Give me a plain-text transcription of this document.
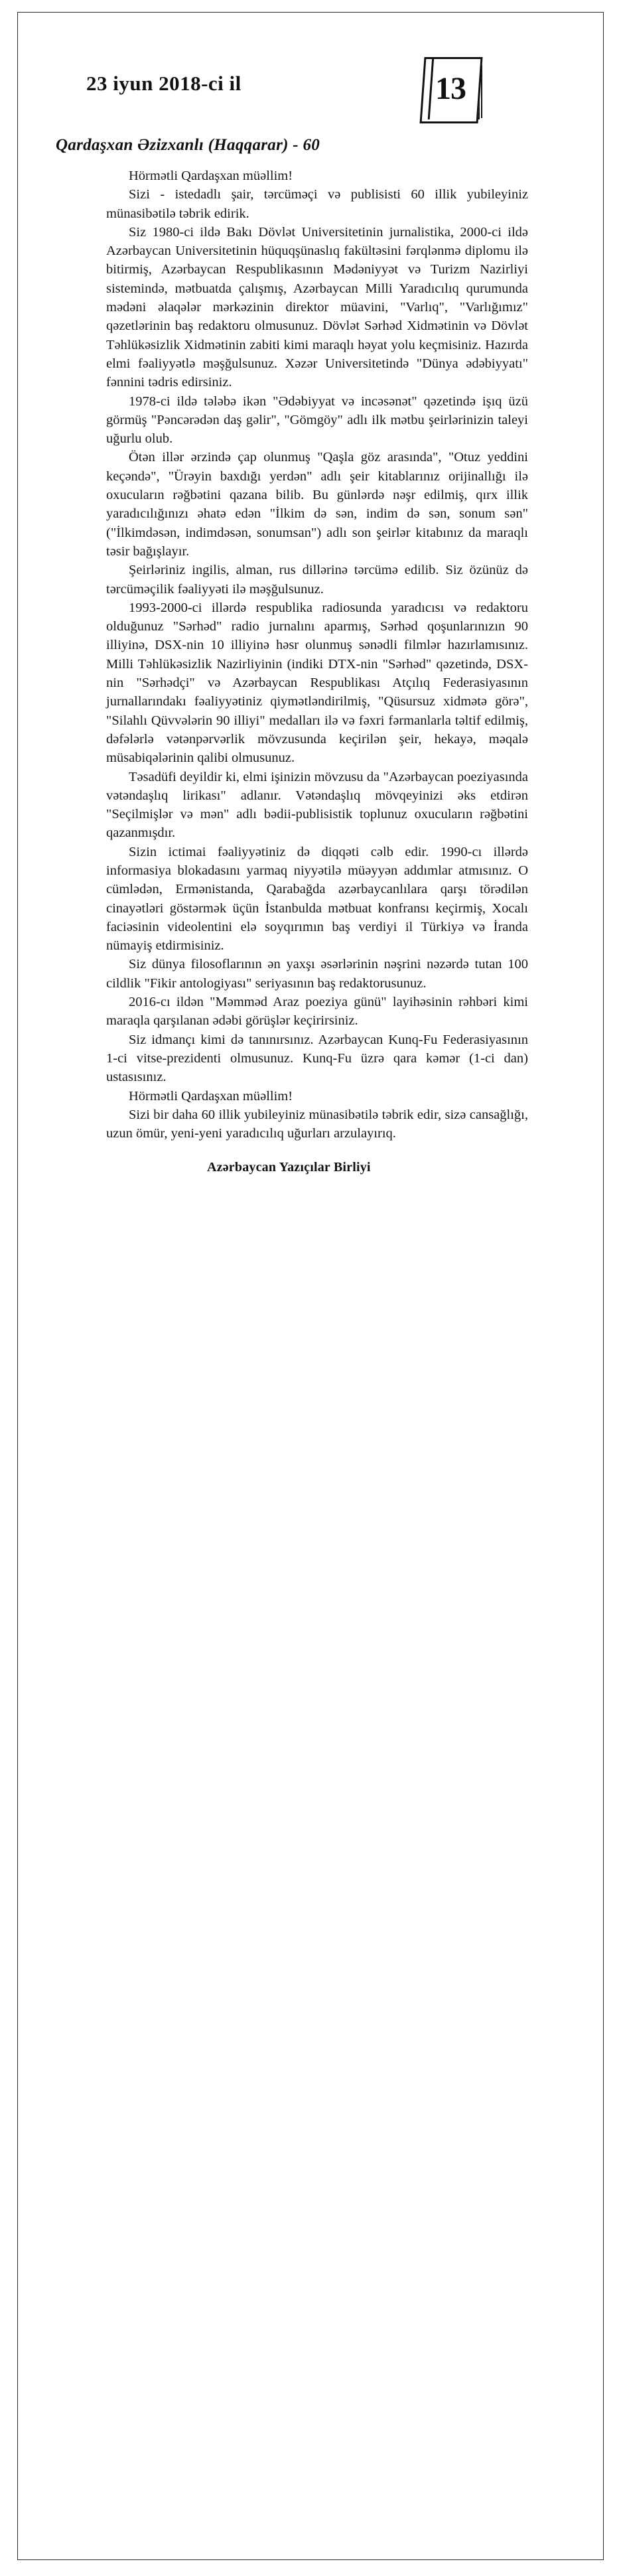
23 iyun 2018-ci il	13
Qardaşxan Əzizxanlı (Haqqarar) - 60

Hörmətli Qardaşxan müəllim!

Sizi - istedadlı şair, tərcüməçi və publisisti 60 illik yubileyiniz münasibətilə təbrik edirik.

Siz 1980-ci ildə Bakı Dövlət Universitetinin jurnalistika, 2000-ci ildə Azərbaycan Universitetinin hüquqşünaslıq fakültəsini fərqlənmə diplomu ilə bitirmiş, Azərbaycan Respublikasının Mədəniyyət və Turizm Nazirliyi sistemində, mətbuatda çalışmış, Azərbaycan Milli Yaradıcılıq qurumunda mədəni əlaqələr mərkəzinin direktor müavini, "Varlıq", "Varlığımız" qəzetlərinin baş redaktoru olmusunuz. Dövlət Sərhəd Xidmətinin və Dövlət Təhlükəsizlik Xidmətinin zabiti kimi maraqlı həyat yolu keçmisiniz. Hazırda elmi fəaliyyətlə məşğulsunuz. Xəzər Universitetində "Dünya ədəbiyyatı" fənnini tədris edirsiniz.

1978-ci ildə tələbə ikən "Ədəbiyyat və incəsənət" qəzetində işıq üzü görmüş "Pəncərədən daş gəlir", "Gömgöy" adlı ilk mətbu şeirlərinizin taleyi uğurlu olub.

Ötən illər ərzində çap olunmuş "Qaşla göz arasında", "Otuz yeddini keçəndə", "Ürəyin baxdığı yerdən" adlı şeir kitablarınız orijinallığı ilə oxucuların rəğbətini qazana bilib. Bu günlərdə nəşr edilmiş, qırx illik yaradıcılığınızı əhatə edən "İlkim də sən, indim də sən, sonum sən" ("İlkimdəsən, indimdəsən, sonumsan") adlı son şeirlər kitabınız da maraqlı təsir bağışlayır.

Şeirləriniz ingilis, alman, rus dillərinə tərcümə edilib. Siz özünüz də tərcüməçilik fəaliyyəti ilə məşğulsunuz.

1993-2000-ci illərdə respublika radiosunda yaradıcısı və redaktoru olduğunuz "Sərhəd" radio jurnalını aparmış, Sərhəd qoşunlarınızın 90 illiyinə, DSX-nin 10 illiyinə həsr olunmuş sənədli filmlər hazırlamısınız. Milli Təhlükəsizlik Nazirliyinin (indiki DTX-nin "Sərhəd" qəzetində, DSX-nin "Sərhədçi" və Azərbaycan Respublikası Atçılıq Federasiyasının jurnallarındakı fəaliyyətiniz qiymətləndirilmiş, "Qüsursuz xidmətə görə", "Silahlı Qüvvələrin 90 illiyi" medalları ilə və fəxri fərmanlarla təltif edilmiş, dəfələrlə vətənpərvərlik mövzusunda keçirilən şeir, hekayə, məqalə müsabiqələrinin qalibi olmusunuz.

Təsadüfi deyildir ki, elmi işinizin mövzusu da "Azərbaycan poeziyasında vətəndaşlıq lirikası" adlanır. Vətəndaşlıq mövqeyinizi əks etdirən "Seçilmişlər və mən" adlı bədii-publisistik toplunuz oxucuların rəğbətini qazanmışdır.

Sizin ictimai fəaliyyətiniz də diqqəti cəlb edir. 1990-cı illərdə informasiya blokadasını yarmaq niyyətilə müəyyən addımlar atmısınız. O cümlədən, Ermənistanda, Qarabağda azərbaycanlılara qarşı törədilən cinayətləri göstərmək üçün İstanbulda mətbuat konfransı keçirmiş, Xocalı faciəsinin videolentini elə soyqırımın baş verdiyi il Türkiyə və İranda nümayiş etdirmisiniz.

Siz dünya filosoflarının ən yaxşı əsərlərinin nəşrini nəzərdə tutan 100 cildlik "Fikir antologiyası" seriyasının baş redaktorusunuz.

2016-cı ildən "Məmməd Araz poeziya günü" layihəsinin rəhbəri kimi maraqla qarşılanan ədəbi görüşlər keçirirsiniz.

Siz idmançı kimi də tanınırsınız. Azərbaycan Kunq-Fu Federasiyasının 1-ci vitse-prezidenti olmusunuz. Kunq-Fu üzrə qara kəmər (1-ci dan) ustasısınız.

Hörmətli Qardaşxan müəllim!

Sizi bir daha 60 illik yubileyiniz münasibətilə təbrik edir, sizə cansağlığı, uzun ömür, yeni-yeni yaradıcılıq uğurları arzulayırıq.

Azərbaycan Yazıçılar Birliyi
